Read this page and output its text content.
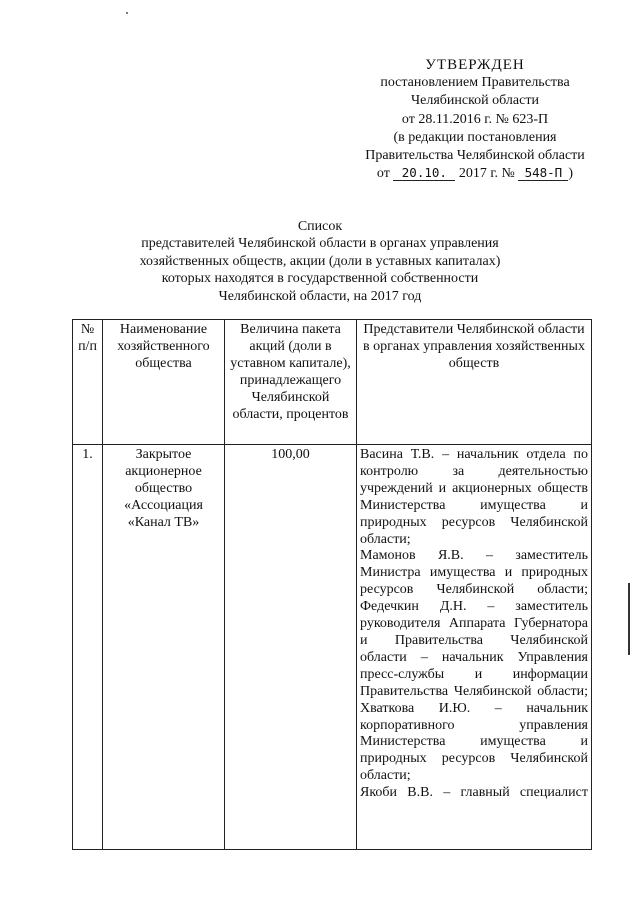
УТВЕРЖДЕН
постановлением Правительства
Челябинской области
от 28.11.2016 г. № 623-П
(в редакции постановления
Правительства Челябинской области
от 20.10. 2017 г. № 548-П )
Список
представителей Челябинской области в органах управления
хозяйственных обществ, акции (доли в уставных капиталах)
которых находятся в государственной собственности
Челябинской области, на 2017 год
№ п/п	Наименование хозяйственного общества	Величина пакета акций (доли в уставном капитале), принадлежащего Челябинской области, процентов	Представители Челябинской области в органах управления хозяйственных обществ
1.	Закрытое акционерное общество «Ассоциация «Канал ТВ»	100,00	Васина Т.В. – начальник отдела по контролю за деятельностью учреждений и акционерных обществ Министерства имущества и природных ресурсов Челябинской области;

Мамонов Я.В. – заместитель Министра имущества и природных ресурсов Челябинской области;

Федечкин Д.Н. – заместитель руководителя Аппарата Губернатора и Правительства Челябинской области – начальник Управления пресс-службы и информации Правительства Челябинской области;

Хваткова И.Ю. – начальник корпоративного управления Министерства имущества и природных ресурсов Челябинской области;

Якоби В.В. – главный специалист
